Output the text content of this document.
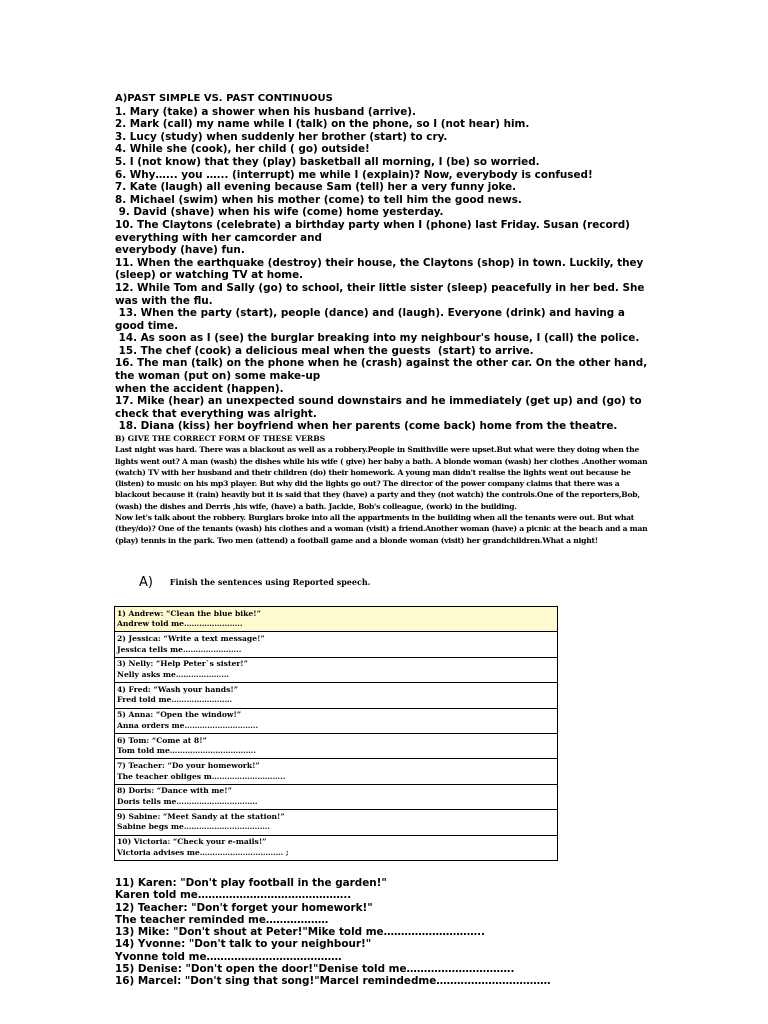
A)PAST SIMPLE VS. PAST CONTINUOUS
1. Mary (take) a shower when his husband (arrive).
2. Mark (call) my name while I (talk) on the phone, so I (not hear) him.
3. Lucy (study) when suddenly her brother (start) to cry.
4. While she (cook), her child ( go) outside!
5. I (not know) that they (play) basketball all morning, I (be) so worried.
6. Why…... you …... (interrupt) me while I (explain)? Now, everybody is confused!
7. Kate (laugh) all evening because Sam (tell) her a very funny joke.
8. Michael (swim) when his mother (come) to tell him the good news.
9. David (shave) when his wife (come) home yesterday.
10. The Claytons (celebrate) a birthday party when I (phone) last Friday. Susan (record) everything with her camcorder and
everybody (have) fun.
11. When the earthquake (destroy) their house, the Claytons (shop) in town. Luckily, they (sleep) or watching TV at home.
12. While Tom and Sally (go) to school, their little sister (sleep) peacefully in her bed. She was with the flu.
13. When the party (start), people (dance) and (laugh). Everyone (drink) and having a good time.
14. As soon as I (see) the burglar breaking into my neighbour's house, I (call) the police.
15. The chef (cook) a delicious meal when the guests  (start) to arrive.
16. The man (talk) on the phone when he (crash) against the other car. On the other hand, the woman (put on) some make-up
when the accident (happen).
17. Mike (hear) an unexpected sound downstairs and he immediately (get up) and (go) to check that everything was alright.
18. Diana (kiss) her boyfriend when her parents (come back) home from the theatre.
B) GIVE THE CORRECT FORM OF THESE VERBS
Last night was hard. There was a blackout as well as a robbery.People in Smithville were upset.But what were they doing when the lights went out? A man (wash) the dishes while his wife ( give) her baby a bath. A blonde woman (wash) her clothes .Another woman (watch) TV with her husband and their children (do) their homework. A young man didn't realise the lights went out because he (listen) to music on his mp3 player. But why did the lights go out? The director of the power company claims that there was a blackout because it (rain) heavily but it is said that they (have) a party and they (not watch) the controls.One of the reporters,Bob, (wash) the dishes and Derris ,his wife, (have) a bath. Jackie, Bob's colleague, (work) in the building.
Now let's talk about the robbery. Burglars broke into all the appartments in the building when all the tenants were out. But what (they/do)? One of the tenants (wash) his clothes and a woman (visit) a friend.Another woman (have) a picnic at the beach and a man (play) tennis in the park. Two men (attend) a football game and a blonde woman (visit) her grandchildren.What a night!
A) Finish the sentences using Reported speech.
1) Andrew: “Clean the blue bike!”
Andrew told me…………………..

2) Jessica: “Write a text message!”
Jessica tells me…………………..

3) Nelly: “Help Peter`s sister!”
Nelly asks me…………………

4) Fred: “Wash your hands!”
Fred told me……………………

5) Anna: “Open the window!”
Anna orders me………………………..

6) Tom: “Come at 8!”
Tom told me…………………………….

7) Teacher: “Do your homework!”
The teacher obliges m………………………..

8) Doris: “Dance with me!”
Doris tells me…………………………..

9) Sabine: “Meet Sandy at the station!”
Sabine begs me…………………………….

10) Victoria: “Check your e-mails!”
Victoria advises me…………………………… ;
11) Karen: "Don't play football in the garden!"
Karen told me……………………………………..
12) Teacher: "Don't forget your homework!"
The teacher reminded me………………
13) Mike: "Don't shout at Peter!"Mike told me………………………..
14) Yvonne: "Don't talk to your neighbour!"
Yvonne told me…………………………………
15) Denise: "Don't open the door!"Denise told me………………………….
16) Marcel: "Don't sing that song!"Marcel remindedme……………………………
